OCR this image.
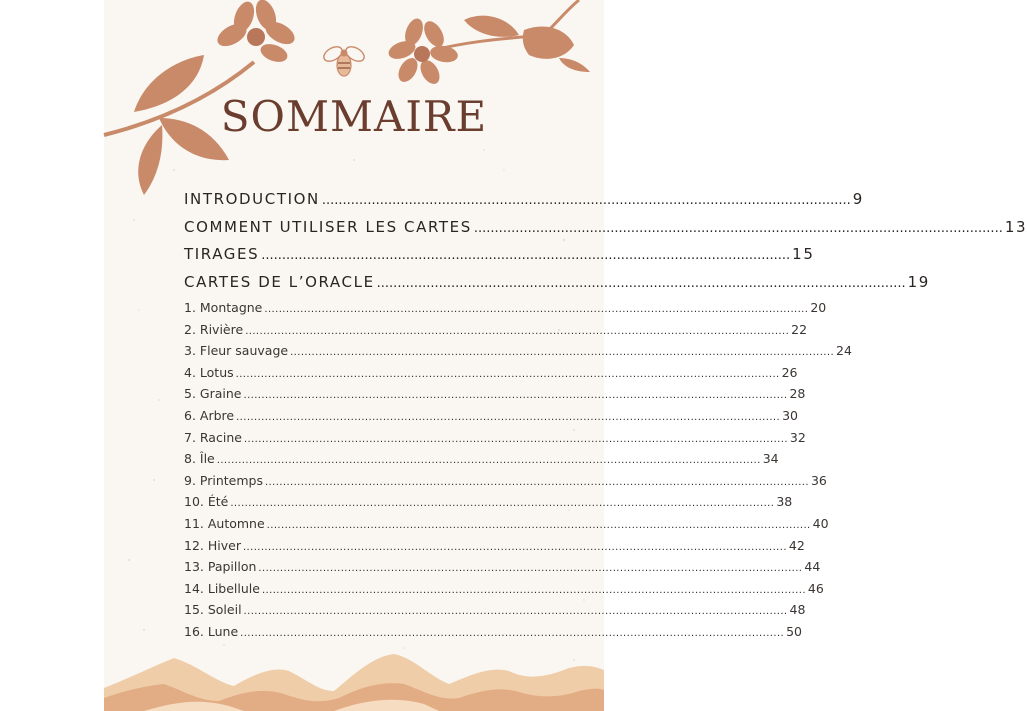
SOMMAIRE
INTRODUCTION ................................................................................................................................ 9
COMMENT UTILISER LES CARTES ................................................................................................................................ 13
TIRAGES ................................................................................................................................ 15
CARTES DE L’ORACLE ................................................................................................................................ 19
1. Montagne ........................................................................................................................................................ 20
2. Rivière ........................................................................................................................................................ 22
3. Fleur sauvage ........................................................................................................................................................ 24
4. Lotus ........................................................................................................................................................ 26
5. Graine ........................................................................................................................................................ 28
6. Arbre ........................................................................................................................................................ 30
7. Racine ........................................................................................................................................................ 32
8. Île ........................................................................................................................................................ 34
9. Printemps ........................................................................................................................................................ 36
10. Été ........................................................................................................................................................ 38
11. Automne ........................................................................................................................................................ 40
12. Hiver ........................................................................................................................................................ 42
13. Papillon ........................................................................................................................................................ 44
14. Libellule ........................................................................................................................................................ 46
15. Soleil ........................................................................................................................................................ 48
16. Lune ........................................................................................................................................................ 50
